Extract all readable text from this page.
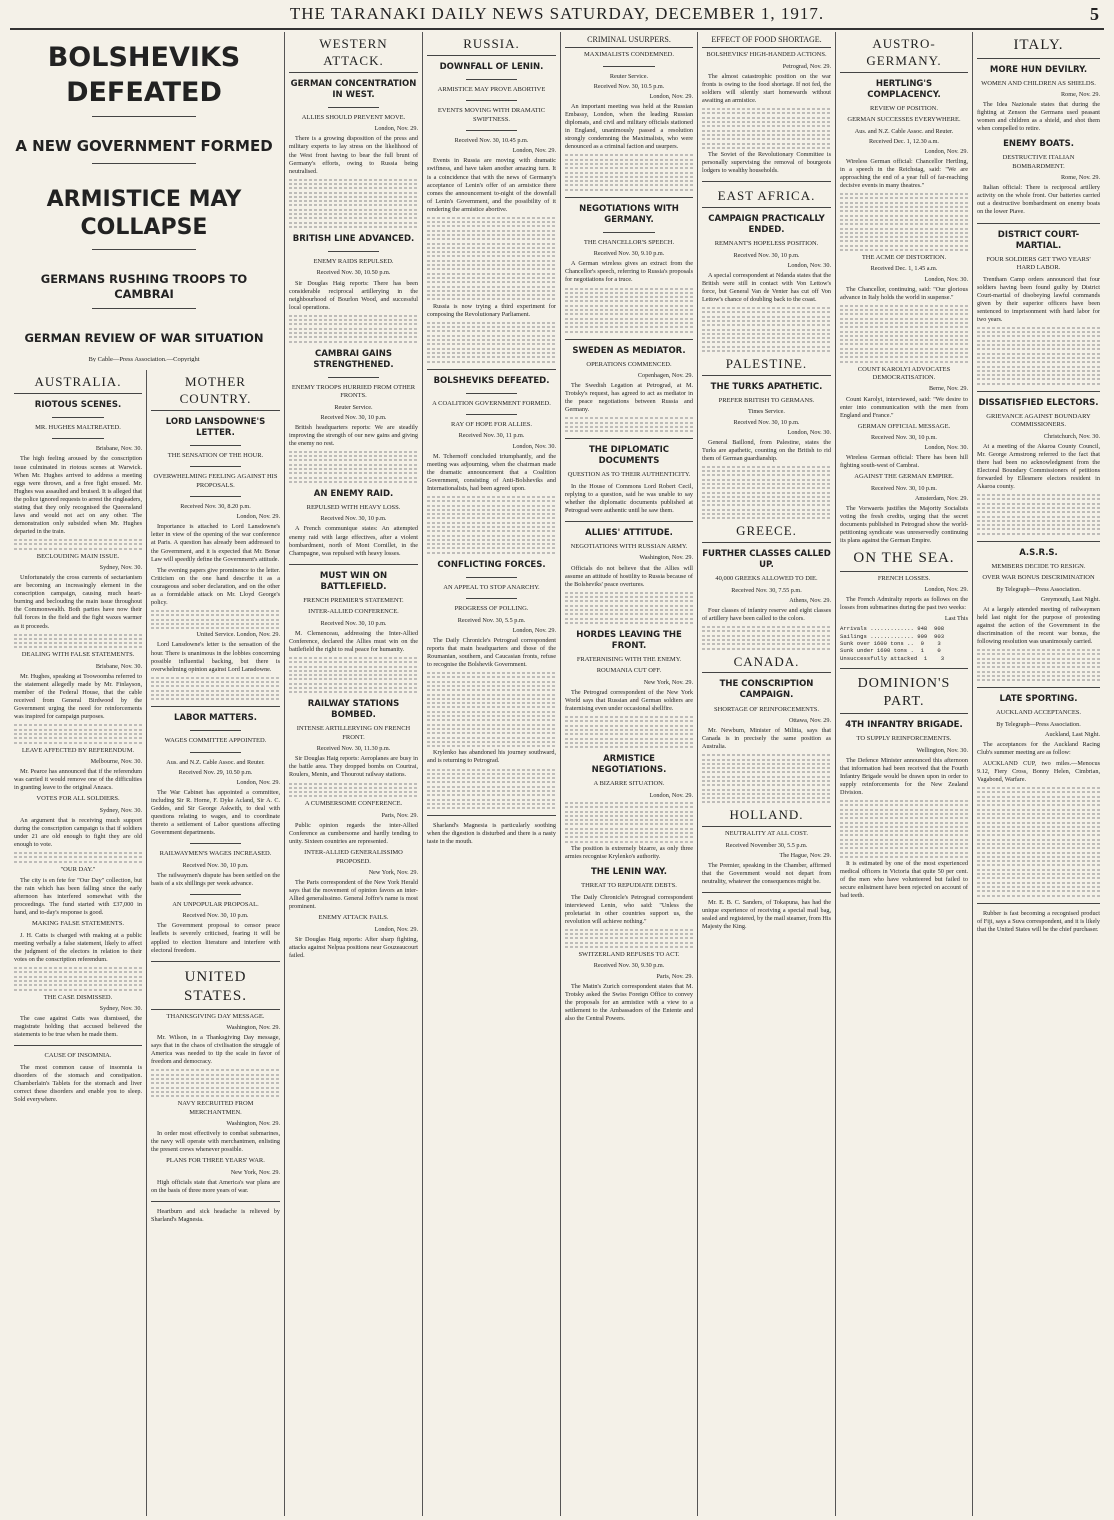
THE TARANAKI DAILY NEWS SATURDAY, DECEMBER 1, 1917.	5
BOLSHEVIKS DEFEATED
A NEW GOVERNMENT FORMED
ARMISTICE MAY COLLAPSE
GERMANS RUSHING TROOPS TO CAMBRAI
GERMAN REVIEW OF WAR SITUATION
By Cable—Press Association.—Copyright
AUSTRALIA.
RIOTOUS SCENES.
MR. HUGHES MALTREATED.
Brisbane, Nov. 30.

The high feeling aroused by the conscription issue culminated in riotous scenes at Warwick. When Mr. Hughes arrived to address a meeting eggs were thrown, and a free fight ensued. Mr. Hughes was assaulted and bruised. It is alleged that the police ignored requests to arrest the ringleaders, stating that they only recognised the Queensland laws and would not act on any other. The demonstration only subsided when Mr. Hughes departed in the train.

BECLOUDING MAIN ISSUE.
Sydney, Nov. 30.

Unfortunately the cross currents of sectarianism are becoming an increasingly element in the conscription campaign, causing much heart-burning and beclouding the main issue throughout the Commonwealth. Both parties have now their full forces in the field and the fight waxes warmer as it proceeds.

DEALING WITH FALSE STATEMENTS.
Brisbane, Nov. 30.

Mr. Hughes, speaking at Toowoomba referred to the statement allegedly made by Mr. Finlayson, member of the Federal House, that the cable received from General Birdwood by the Government urging the need for reinforcements was inspired for campaign purposes.

LEAVE AFFECTED BY REFERENDUM.
Melbourne, Nov. 30.

Mr. Pearce has announced that if the referendum was carried it would remove one of the difficulties in granting leave to the original Anzacs.

VOTES FOR ALL SOLDIERS.
Sydney, Nov. 30.

An argument that is receiving much support during the conscription campaign is that if soldiers under 21 are old enough to fight they are old enough to vote.

"OUR DAY."

The city is en fete for "Our Day" collection, but the rain which has been falling since the early afternoon has interfered somewhat with the proceedings. The fund started with £37,000 in hand, and to-day's response is good.

MAKING FALSE STATEMENTS.

J. H. Catts is charged with making at a public meeting verbally a false statement, likely to affect the judgment of the electors in relation to their votes on the conscription referendum.

THE CASE DISMISSED.
Sydney, Nov. 30.

The case against Catts was dismissed, the magistrate holding that accused believed the statements to be true when he made them.

CAUSE OF INSOMNIA.

The most common cause of insomnia is disorders of the stomach and constipation. Chamberlain's Tablets for the stomach and liver correct these disorders and enable you to sleep. Sold everywhere.

MOTHER COUNTRY.
LORD LANSDOWNE'S LETTER.
THE SENSATION OF THE HOUR.
OVERWHELMING FEELING AGAINST HIS PROPOSALS.
Received Nov. 30, 8.20 p.m.
London, Nov. 29.

Importance is attached to Lord Lansdowne's letter in view of the opening of the war conference at Paris. A question has already been addressed to the Government, and it is expected that Mr. Bonar Law will speedily define the Government's attitude.

The evening papers give prominence to the letter. Criticism on the one hand describe it as a courageous and sober declaration, and on the other as a formidable attack on Mr. Lloyd George's policy.

United Service. London, Nov. 29.

Lord Lansdowne's letter is the sensation of the hour. There is unanimous in the lobbies concerning possible influential backing, but there is overwhelming opinion against Lord Lansdowne.

LABOR MATTERS.
WAGES COMMITTEE APPOINTED.
Aus. and N.Z. Cable Assoc. and Reuter.
Received Nov. 29, 10.50 p.m.
London, Nov. 29.

The War Cabinet has appointed a committee, including Sir R. Horne, F. Dyke Acland, Sir A. C. Geddes, and Sir George Askwith, to deal with questions relating to wages, and to coordinate thereto a settlement of Labor questions affecting Government departments.

RAILWAYMEN'S WAGES INCREASED.
Received Nov. 30, 10 p.m.

The railwaymen's dispute has been settled on the basis of a six shillings per week advance.

AN UNPOPULAR PROPOSAL.
Received Nov. 30, 10 p.m.

The Government proposal to censor peace leaflets is severely criticised, fearing it will be applied to election literature and interfere with electoral freedom.

UNITED STATES.
THANKSGIVING DAY MESSAGE.
Washington, Nov. 29.

Mr. Wilson, in a Thanksgiving Day message, says that in the chaos of civilisation the struggle of America was needed to tip the scale in favor of freedom and democracy.

NAVY RECRUITED FROM MERCHANTMEN.
Washington, Nov. 29.

In order most effectively to combat submarines, the navy will operate with merchantmen, enlisting the present crews whenever possible.

PLANS FOR THREE YEARS' WAR.
New York, Nov. 29.

High officials state that America's war plans are on the basis of three more years of war.

Heartburn and sick headache is relieved by Sharland's Magnesia.

WESTERN ATTACK.
GERMAN CONCENTRATION IN WEST.
ALLIES SHOULD PREVENT MOVE.
London, Nov. 29.

There is a growing disposition of the press and military experts to lay stress on the likelihood of the West front having to bear the full brunt of Germany's efforts, owing to Russia being neutralised.

BRITISH LINE ADVANCED.
ENEMY RAIDS REPULSED.
Received Nov. 30, 10.50 p.m.

Sir Douglas Haig reports: There has been considerable reciprocal artillerying in the neighbourhood of Bourlon Wood, and successful local operations.

CAMBRAI GAINS STRENGTHENED.
ENEMY TROOPS HURRIED FROM OTHER FRONTS.
Reuter Service.
Received Nov. 30, 10 p.m.

British headquarters reports: We are steadily improving the strength of our new gains and giving the enemy no rest.

AN ENEMY RAID.
REPULSED WITH HEAVY LOSS.
Received Nov. 30, 10 p.m.

A French communique states: An attempted enemy raid with large effectives, after a violent bombardment, north of Mont Cornillet, in the Champagne, was repulsed with heavy losses.

MUST WIN ON BATTLEFIELD.
FRENCH PREMIER'S STATEMENT.
INTER-ALLIED CONFERENCE.
Received Nov. 30, 10 p.m.

M. Clemenceau, addressing the Inter-Allied Conference, declared the Allies must win on the battlefield the right to real peace for humanity.

RAILWAY STATIONS BOMBED.
INTENSE ARTILLERYING ON FRENCH FRONT.
Received Nov. 30, 11.30 p.m.

Sir Douglas Haig reports: Aeroplanes are busy in the battle area. They dropped bombs on Courtrai, Roulers, Menin, and Thourout railway stations.

A CUMBERSOME CONFERENCE.
Paris, Nov. 29.

Public opinion regards the inter-Allied Conference as cumbersome and hardly tending to unity. Sixteen countries are represented.

INTER-ALLIED GENERALISSIMO PROPOSED.
New York, Nov. 29.

The Paris correspondent of the New York Herald says that the movement of opinion favors an inter-Allied generalissimo. General Joffre's name is most prominent.

ENEMY ATTACK FAILS.
London, Nov. 29.

Sir Douglas Haig reports: After sharp fighting, attacks against Nelpua positions near Gouzeaucourt failed.

RUSSIA.
DOWNFALL OF LENIN.
ARMISTICE MAY PROVE ABORTIVE
EVENTS MOVING WITH DRAMATIC SWIFTNESS.
Received Nov. 30, 10.45 p.m.
London, Nov. 29.

Events in Russia are moving with dramatic swiftness, and have taken another amazing turn. It is a coincidence that with the news of Germany's acceptance of Lenin's offer of an armistice there comes the announcement to-night of the downfall of Lenin's Government, and the possibility of it rendering the armistice abortive.

Russia is now trying a third experiment for composing the Revolutionary Parliament.

BOLSHEVIKS DEFEATED.
A COALITION GOVERNMENT FORMED.
RAY OF HOPE FOR ALLIES.
Received Nov. 30, 11 p.m.
London, Nov. 30.

M. Tchernoff concluded triumphantly, and the meeting was adjourning, when the chairman made the dramatic announcement that a Coalition Government, consisting of Anti-Bolsheviks and Internationalists, had been agreed upon.

CONFLICTING FORCES.
AN APPEAL TO STOP ANARCHY.
PROGRESS OF POLLING.
Received Nov. 30, 5.5 p.m.
London, Nov. 29.

The Daily Chronicle's Petrograd correspondent reports that main headquarters and those of the Roumanian, southern, and Caucasian fronts, refuse to recognise the Bolshevik Government.

Krylenko has abandoned his journey southward, and is returning to Petrograd.

Sharland's Magnesia is particularly soothing when the digestion is disturbed and there is a nasty taste in the mouth.

CRIMINAL USURPERS.
MAXIMALISTS CONDEMNED.
Reuter Service.
Received Nov. 30, 10.5 p.m.
London, Nov. 29.

An important meeting was held at the Russian Embassy, London, when the leading Russian diplomats, and civil and military officials stationed in England, unanimously passed a resolution strongly condemning the Maximalists, who were denounced as a criminal faction and usurpers.

NEGOTIATIONS WITH GERMANY.
THE CHANCELLOR'S SPEECH.
Received Nov. 30, 9.10 p.m.

A German wireless gives an extract from the Chancellor's speech, referring to Russia's proposals for negotiations for a truce.

SWEDEN AS MEDIATOR.
OPERATIONS COMMENCED.
Copenhagen, Nov. 29.

The Swedish Legation at Petrograd, at M. Trotsky's request, has agreed to act as mediator in the peace negotiations between Russia and Germany.

THE DIPLOMATIC DOCUMENTS
QUESTION AS TO THEIR AUTHENTICITY.

In the House of Commons Lord Robert Cecil, replying to a question, said he was unable to say whether the diplomatic documents published at Petrograd were authentic until he saw them.

ALLIES' ATTITUDE.
NEGOTIATIONS WITH RUSSIAN ARMY.
Washington, Nov. 29.

Officials do not believe that the Allies will assume an attitude of hostility to Russia because of the Bolsheviks' peace overtures.

HORDES LEAVING THE FRONT.
FRATERNISING WITH THE ENEMY.
ROUMANIA CUT OFF.
New York, Nov. 29.

The Petrograd correspondent of the New York World says that Russian and German soldiers are fraternising even under occasional shellfire.

ARMISTICE NEGOTIATIONS.
A BIZARRE SITUATION.
London, Nov. 29.

The position is extremely bizarre, as only three armies recognise Krylenko's authority.

THE LENIN WAY.
THREAT TO REPUDIATE DEBTS.

The Daily Chronicle's Petrograd correspondent interviewed Lenin, who said: "Unless the proletariat in other countries support us, the revolution will achieve nothing."

SWITZERLAND REFUSES TO ACT.
Received Nov. 30, 9.30 p.m.
Paris, Nov. 29.

The Matin's Zurich correspondent states that M. Trotsky asked the Swiss Foreign Office to convey the proposals for an armistice with a view to a settlement to the Ambassadors of the Entente and also the Central Powers.

EFFECT OF FOOD SHORTAGE.
BOLSHEVIKS' HIGH-HANDED ACTIONS.
Petrograd, Nov. 29.

The almost catastrophic position on the war fronts is owing to the food shortage. If not fed, the soldiers will silently start homewards without awaiting an armistice.

The Soviet of the Revolutionary Committee is personally supervising the removal of bourgeois lodgers to wealthy households.

EAST AFRICA.
CAMPAIGN PRACTICALLY ENDED.
REMNANT'S HOPELESS POSITION.
Received Nov. 30, 10 p.m.
London, Nov. 30.

A special correspondent at Ndanda states that the British were still in contact with Von Lettow's force, but General Van de Venter has cut off Von Lettow's chance of doubling back to the coast.

PALESTINE.
THE TURKS APATHETIC.
PREFER BRITISH TO GERMANS.
Times Service.
Received Nov. 30, 10 p.m.
London, Nov. 30.

General Baillond, from Palestine, states the Turks are apathetic, counting on the British to rid them of German guardianship.

GREECE.
FURTHER CLASSES CALLED UP.
40,000 GREEKS ALLOWED TO DIE.
Received Nov. 30, 7.55 p.m.
Athens, Nov. 29.

Four classes of infantry reserve and eight classes of artillery have been called to the colors.

CANADA.
THE CONSCRIPTION CAMPAIGN.
SHORTAGE OF REINFORCEMENTS.
Ottawa, Nov. 29.

Mr. Newburn, Minister of Militia, says that Canada is in precisely the same position as Australia.

HOLLAND.
NEUTRALITY AT ALL COST.
Received November 30, 5.5 p.m.
The Hague, Nov. 29.

The Premier, speaking in the Chamber, affirmed that the Government would not depart from neutrality, whatever the consequences might be.

Mr. E. B. C. Sanders, of Tokapuna, has had the unique experience of receiving a special mail bag, sealed and registered, by the mail steamer, from His Majesty the King.

AUSTRO-GERMANY.
HERTLING'S COMPLACENCY.
REVIEW OF POSITION.
GERMAN SUCCESSES EVERYWHERE.
Aus. and N.Z. Cable Assoc. and Reuter.
Received Dec. 1, 12.30 a.m.
London, Nov. 29.

Wireless German official: Chancellor Hertling, in a speech in the Reichstag, said: "We are approaching the end of a year full of far-reaching decisive events in many theatres."

THE ACME OF DISTORTION.
Received Dec. 1, 1.45 a.m.
London, Nov. 30.

The Chancellor, continuing, said: "Our glorious advance in Italy holds the world in suspense."

COUNT KAROLYI ADVOCATES DEMOCRATISATION.
Berne, Nov. 29.

Count Karolyi, interviewed, said: "We desire to enter into communication with the men from England and France."

GERMAN OFFICIAL MESSAGE.
Received Nov. 30, 10 p.m.
London, Nov. 30.

Wireless German official: There has been hill fighting south-west of Cambrai.

AGAINST THE GERMAN EMPIRE.
Received Nov. 30, 10 p.m.
Amsterdam, Nov. 29.

The Vorwaerts justifies the Majority Socialists voting the fresh credits, urging that the secret documents published in Petrograd show the world-petitioning syndicate was unreservedly continuing its plans against the German Empire.

ON THE SEA.
FRENCH LOSSES.
London, Nov. 29.

The French Admiralty reports as follows on the losses from submarines during the past two weeks:

Last This
Arrivals ............. 948  908
Sailings ............. 909  903
Sunk over 1600 tons ..  0    3
Sunk under 1600 tons .  1    0
Unsuccessfully attacked  1    3
DOMINION'S PART.
4TH INFANTRY BRIGADE.
TO SUPPLY REINFORCEMENTS.
Wellington, Nov. 30.

The Defence Minister announced this afternoon that information had been received that the Fourth Infantry Brigade would be drawn upon in order to supply reinforcements for the New Zealand Division.

It is estimated by one of the most experienced medical officers in Victoria that quite 50 per cent. of the men who have volunteered but failed to secure enlistment have been rejected on account of bad teeth.

ITALY.
MORE HUN DEVILRY.
WOMEN AND CHILDREN AS SHIELDS.
Rome, Nov. 29.

The Idea Nazionale states that during the fighting at Zenson the Germans used peasant women and children as a shield, and shot them when compelled to retire.

ENEMY BOATS.
DESTRUCTIVE ITALIAN BOMBARDMENT.
Rome, Nov. 29.

Italian official: There is reciprocal artillery activity on the whole front. Our batteries carried out a destructive bombardment on enemy boats on the lower Piave.

DISTRICT COURT-MARTIAL.
FOUR SOLDIERS GET TWO YEARS' HARD LABOR.

Trentham Camp orders announced that four soldiers having been found guilty by District Court-martial of disobeying lawful commands given by their superior officers have been sentenced to imprisonment with hard labor for two years.

DISSATISFIED ELECTORS.
GRIEVANCE AGAINST BOUNDARY COMMISSIONERS.
Christchurch, Nov. 30.

At a meeting of the Akaroa County Council, Mr. George Armstrong referred to the fact that there had been no acknowledgment from the Electoral Boundary Commissioners of petitions forwarded by Ellesmere electors resident in Akaroa county.

A.S.R.S.
MEMBERS DECIDE TO RESIGN.
OVER WAR BONUS DISCRIMINATION
By Telegraph—Press Association.
Greymouth, Last Night.

At a largely attended meeting of railwaymen held last night for the purpose of protesting against the action of the Government in the discrimination of the recent war bonus, the following resolution was unanimously carried.

LATE SPORTING.
AUCKLAND ACCEPTANCES.
By Telegraph—Press Association.
Auckland, Last Night.

The acceptances for the Auckland Racing Club's summer meeting are as follow:

AUCKLAND CUP, two miles.—Menocus 9.12, Fiery Cross, Bonny Helen, Cimbrian, Vagabond, Warfare.

Rubber is fast becoming a recognised product of Fiji, says a Suva correspondent, and it is likely that the United States will be the chief purchaser.
